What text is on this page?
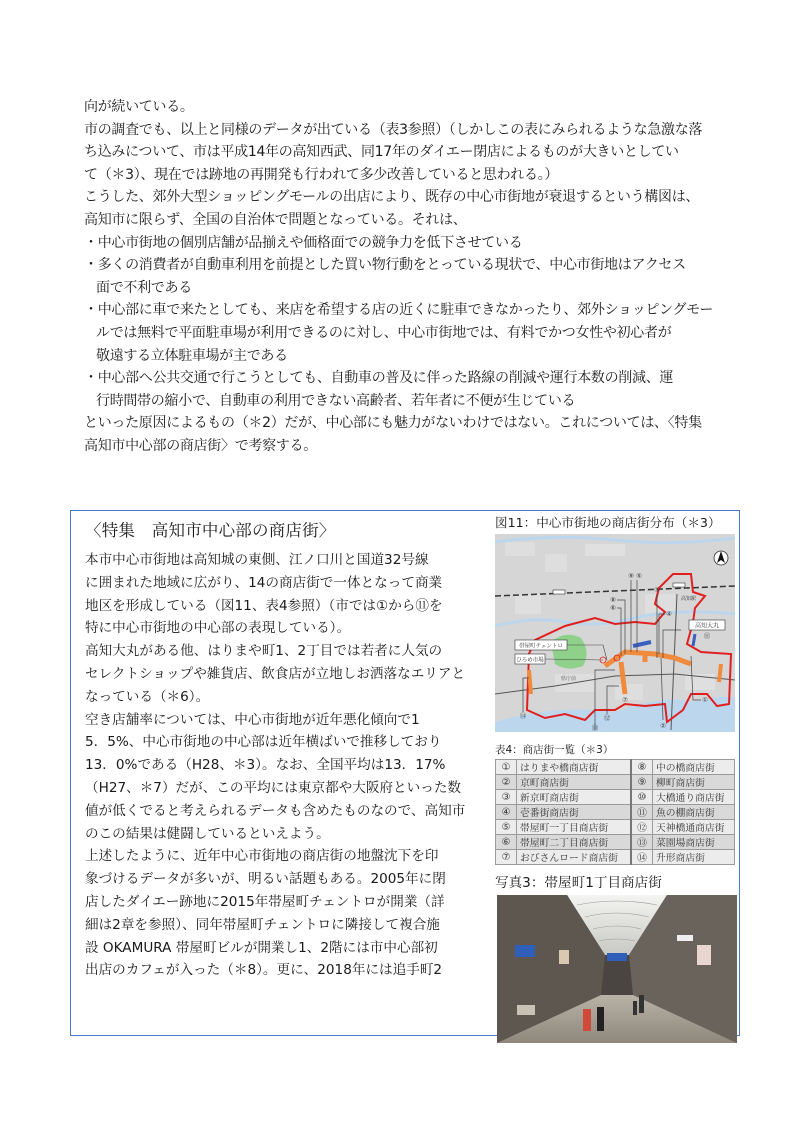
向が続いている。

市の調査でも、以上と同様のデータが出ている（表3参照）（しかしこの表にみられるような急激な落

ち込みについて、市は平成14年の高知西武、同17年のダイエー閉店によるものが大きいとしてい

て（＊3）、現在では跡地の再開発も行われて多少改善していると思われる。）

こうした、郊外大型ショッピングモールの出店により、既存の中心市街地が衰退するという構図は、

高知市に限らず、全国の自治体で問題となっている。それは、

・中心市街地の個別店舗が品揃えや価格面での競争力を低下させている

・多くの消費者が自動車利用を前提とした買い物行動をとっている現状で、中心市街地はアクセス

面で不利である

・中心部に車で来たとしても、来店を希望する店の近くに駐車できなかったり、郊外ショッピングモー

ルでは無料で平面駐車場が利用できるのに対し、中心市街地では、有料でかつ女性や初心者が

敬遠する立体駐車場が主である

・中心部へ公共交通で行こうとしても、自動車の普及に伴った路線の削減や運行本数の削減、運

行時間帯の縮小で、自動車の利用できない高齢者、若年者に不便が生じている

といった原因によるもの（＊2）だが、中心部にも魅力がないわけではない。これについては、〈特集

高知市中心部の商店街〉で考察する。

〈特集　高知市中心部の商店街〉

本市中心市街地は高知城の東側、江ノ口川と国道32号線

に囲まれた地域に広がり、14の商店街で一体となって商業

地区を形成している（図11、表4参照）（市では①から⑪を

特に中心市街地の中心部の表現している）。

高知大丸がある他、はりまや町1、2丁目では若者に人気の

セレクトショップや雑貨店、飲食店が立地しお洒落なエリアと

なっている（＊6）。

空き店舗率については、中心市街地が近年悪化傾向で1

5．5%、中心市街地の中心部は近年横ばいで推移しており

13．0%である（H28、＊3）。なお、全国平均は13．17%

（H27、＊7）だが、この平均には東京都や大阪府といった数

値が低くでると考えられるデータも含めたものなので、高知市

のこの結果は健闘しているといえよう。

上述したように、近年中心市街地の商店街の地盤沈下を印

象づけるデータが多いが、明るい話題もある。2005年に閉

店したダイエー跡地に2015年帯屋町チェントロが開業（詳

細は2章を参照）、同年帯屋町チェントロに隣接して複合施

設 OKAMURA 帯屋町ビルが開業し1、2階には市中心部初

出店のカフェが入った（＊8）。更に、2018年には追手町2

図11：中心市街地の商店街分布（＊3）
⑨ ⑤
③
⑧
⑥
④
⑪
①
②
⑦
⑫
⑬
⑭
高知駅
高知大丸
帯屋町チェントロ
ひろめ市場
県庁前
表4：商店街一覧（＊3）
①	はりまや橋商店街	⑧	中の橋商店街
②	京町商店街	⑨	柳町商店街
③	新京町商店街	⑩	大橋通り商店街
④	壱番街商店街	⑪	魚の棚商店街
⑤	帯屋町一丁目商店街	⑫	天神橋通商店街
⑥	帯屋町二丁目商店街	⑬	菜園場商店街
⑦	おびさんロード商店街	⑭	升形商店街
写真3：帯屋町1丁目商店街
